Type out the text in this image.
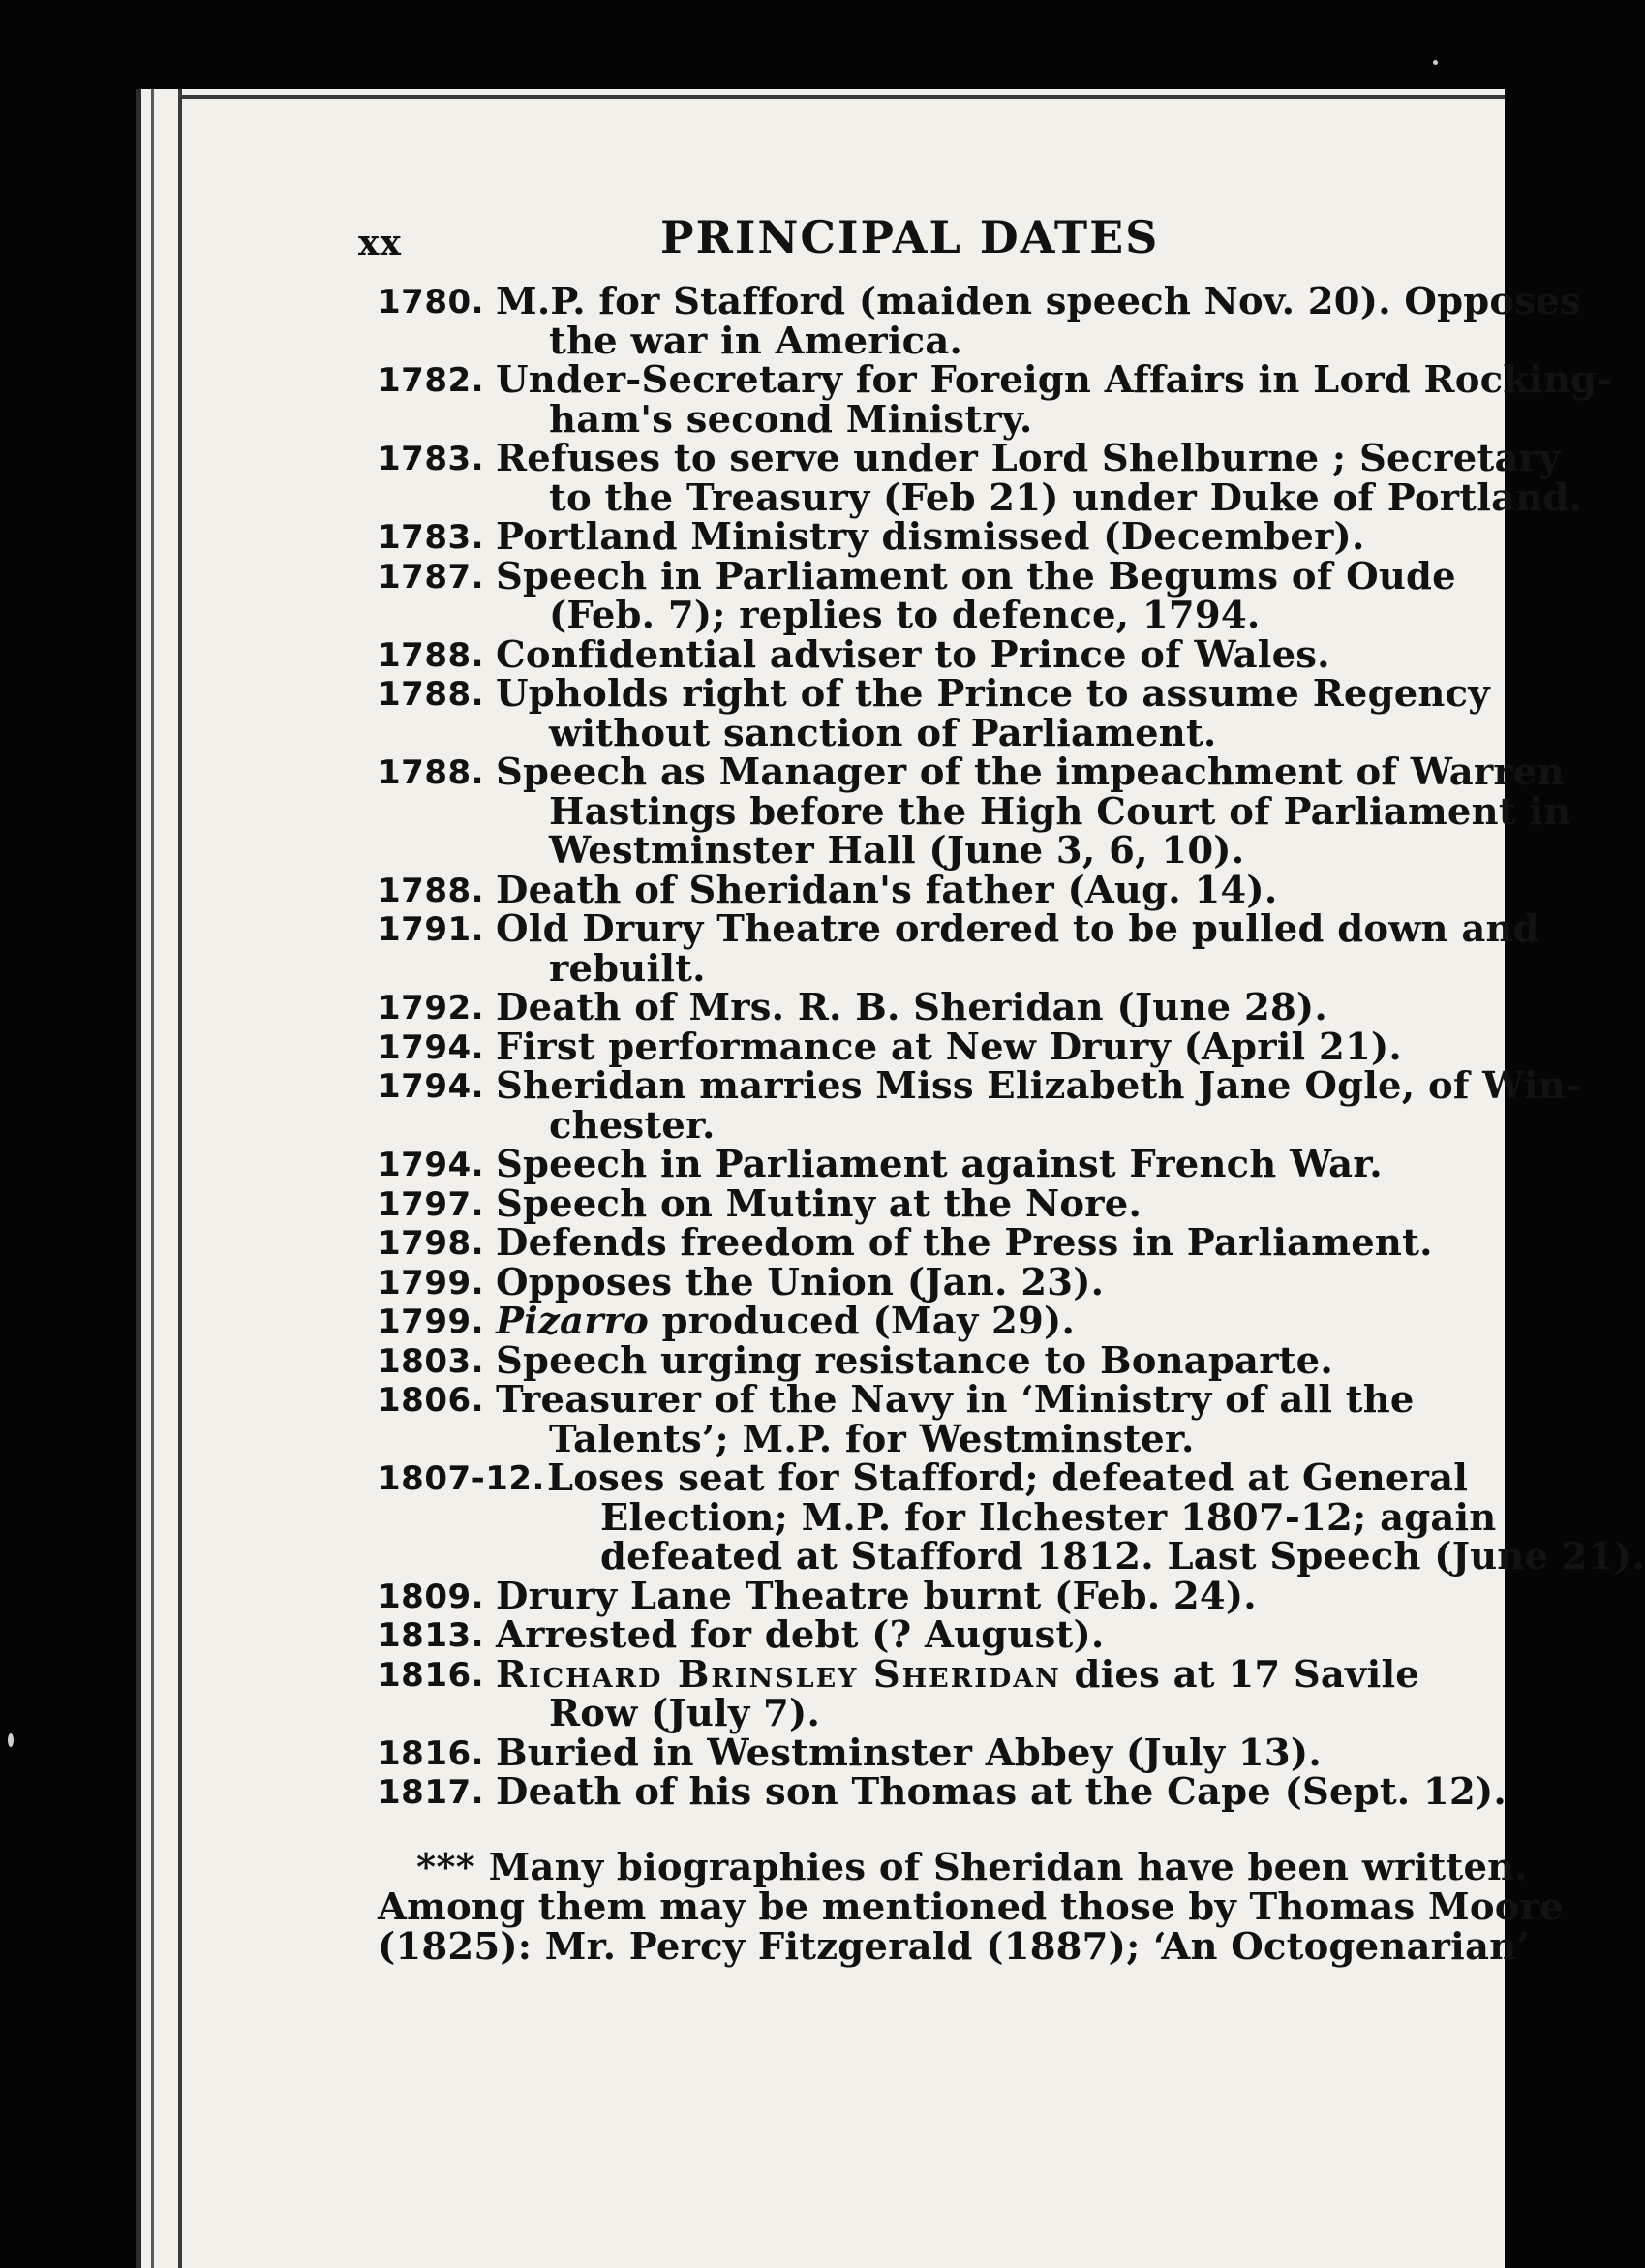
xx	PRINCIPAL DATES
1780. M.P. for Stafford (maiden speech Nov. 20). Opposes
the war in America.
1782. Under-Secretary for Foreign Affairs in Lord Rocking-
ham's second Ministry.
1783. Refuses to serve under Lord Shelburne ; Secretary
to the Treasury (Feb 21) under Duke of Portland.
1783. Portland Ministry dismissed (December).
1787. Speech in Parliament on the Begums of Oude
(Feb. 7); replies to defence, 1794.
1788. Confidential adviser to Prince of Wales.
1788. Upholds right of the Prince to assume Regency
without sanction of Parliament.
1788. Speech as Manager of the impeachment of Warren
Hastings before the High Court of Parliament in
Westminster Hall (June 3, 6, 10).
1788. Death of Sheridan's father (Aug. 14).
1791. Old Drury Theatre ordered to be pulled down and
rebuilt.
1792. Death of Mrs. R. B. Sheridan (June 28).
1794. First performance at New Drury (April 21).
1794. Sheridan marries Miss Elizabeth Jane Ogle, of Win-
chester.
1794. Speech in Parliament against French War.
1797. Speech on Mutiny at the Nore.
1798. Defends freedom of the Press in Parliament.
1799. Opposes the Union (Jan. 23).
1799. Pizarro produced (May 29).
1803. Speech urging resistance to Bonaparte.
1806. Treasurer of the Navy in ‘Ministry of all the
Talents’; M.P. for Westminster.
1807-12. Loses seat for Stafford; defeated at General
Election; M.P. for Ilchester 1807-12; again
defeated at Stafford 1812. Last Speech (June 21).
1809. Drury Lane Theatre burnt (Feb. 24).
1813. Arrested for debt (? August).
1816. Richard Brinsley Sheridan dies at 17 Savile
Row (July 7).
1816. Buried in Westminster Abbey (July 13).
1817. Death of his son Thomas at the Cape (Sept. 12).
*** Many biographies of Sheridan have been written.
Among them may be mentioned those by Thomas Moore
(1825): Mr. Percy Fitzgerald (1887); ‘An Octogenarian’
